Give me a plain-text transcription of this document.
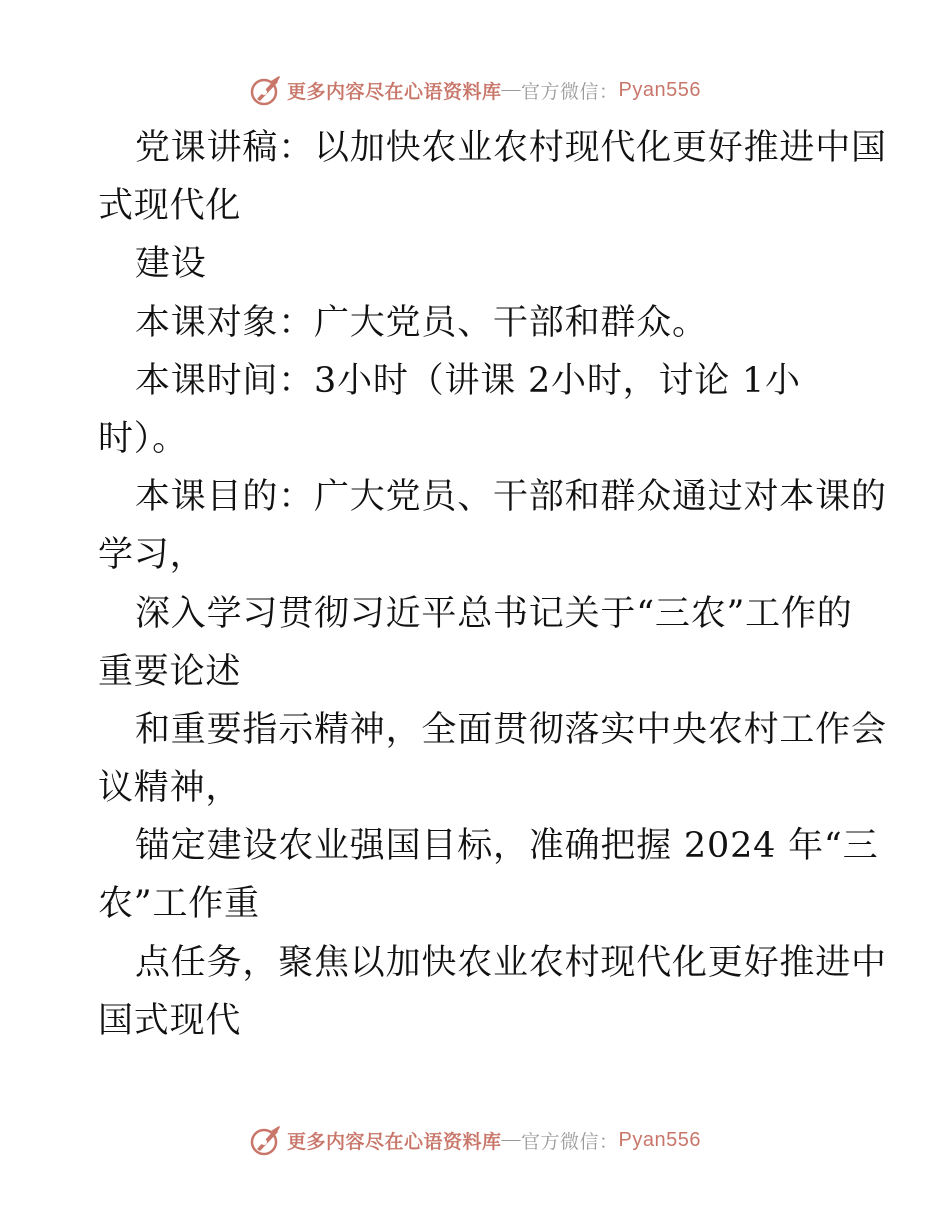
更多内容尽在心语资料库 — 官方微信： Pyan556
党课讲稿：以加快农业农村现代化更好推进中国
式现代化
建设
本课对象：广大党员、干部和群众。
本课时间：3小时（讲课 2小时，讨论 1小
时）。
本课目的：广大党员、干部和群众通过对本课的
学习，
深入学习贯彻习近平总书记关于“三农”工作的
重要论述
和重要指示精神，全面贯彻落实中央农村工作会
议精神，
锚定建设农业强国目标，准确把握 2024 年“三
农”工作重
点任务，聚焦以加快农业农村现代化更好推进中
国式现代
更多内容尽在心语资料库 — 官方微信： Pyan556
